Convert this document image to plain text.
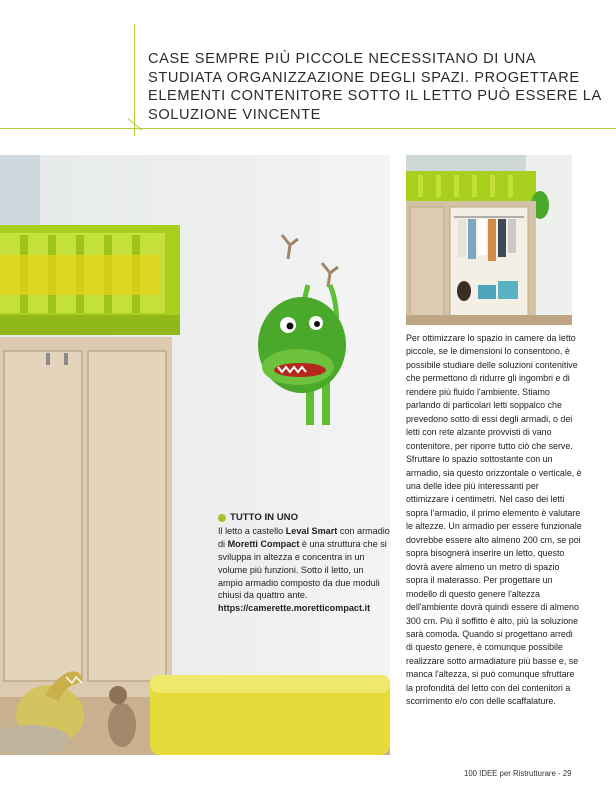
CASE SEMPRE PIÙ PICCOLE NECESSITANO DI UNA STUDIATA ORGANIZZAZIONE DEGLI SPAZI. PROGETTARE ELEMENTI CONTENITORE SOTTO IL LETTO PUÒ ESSERE LA SOLUZIONE VINCENTE
TUTTO IN UNO
Il letto a castello Leval Smart con armadio di Moretti Compact è una struttura che si sviluppa in altezza e concentra in un volume più funzioni. Sotto il letto, un ampio armadio composto da due moduli chiusi da quattro ante.
https://camerette.moretticompact.it

Per ottimizzare lo spazio in camere da letto piccole, se le dimensioni lo consentono, è possibile studiare delle soluzioni contenitive che permettono di ridurre gli ingombri e di rendere più fluido l'ambiente. Stiamo parlando di particolari letti soppalco che prevedono sotto di essi degli armadi, o dei letti con rete alzante provvisti di vano contenitore, per riporre tutto ciò che serve. Sfruttare lo spazio sottostante con un armadio, sia questo orizzontale o verticale, è una delle idee più interessanti per ottimizzare i centimetri. Nel caso dei letti sopra l'armadio, il primo elemento è valutare le altezze. Un armadio per essere funzionale dovrebbe essere alto almeno 200 cm, se poi sopra bisognerà inserire un letto, questo dovrà avere almeno un metro di spazio sopra il materasso. Per progettare un modello di questo genere l'altezza dell'ambiente dovrà quindi essere di almeno 300 cm. Più il soffitto è alto, più la soluzione sarà comoda. Quando si progettano arredi di questo genere, è comunque possibile realizzare sotto armadiature più basse e, se manca l'altezza, si può comunque sfruttare la profondità del letto con dei contenitori a scorrimento e/o con delle scaffalature.

100 IDEE per Ristrutturare - 29
